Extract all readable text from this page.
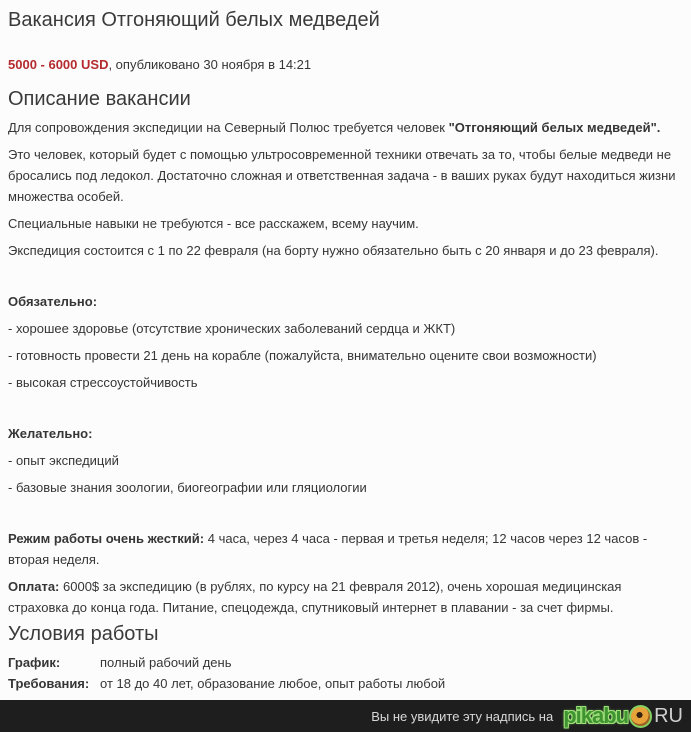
Вакансия Отгоняющий белых медведей
5000 - 6000 USD, опубликовано 30 ноября в 14:21
Описание вакансии

Для сопровождения экспедиции на Северный Полюс требуется человек "Отгоняющий белых медведей".

Это человек, который будет с помощью ультросовременной техники отвечать за то, чтобы белые медведи не бросались под ледокол. Достаточно сложная и ответственная задача - в ваших руках будут находиться жизни множества особей.

Специальные навыки не требуются - все расскажем, всему научим.

Экспедиция состоится с 1 по 22 февраля (на борту нужно обязательно быть с 20 января и до 23 февраля).

Обязательно:

- хорошее здоровье (отсутствие хронических заболеваний сердца и ЖКТ)

- готовность провести 21 день на корабле (пожалуйста, внимательно оцените свои возможности)

- высокая стрессоустойчивость

Желательно:

- опыт экспедиций

- базовые знания зоологии, биогеографии или гляциологии

Режим работы очень жесткий: 4 часа, через 4 часа - первая и третья неделя; 12 часов через 12 часов - вторая неделя.

Оплата: 6000$ за экспедицию (в рублях, по курсу на 21 февраля 2012), очень хорошая медицинская страховка до конца года. Питание, спецодежда, спутниковый интернет в плавании - за счет фирмы.

Условия работы
График:	полный рабочий день
Требования: от 18 до 40 лет, образование любое, опыт работы любой
Вы не увидите эту надпись на pikabu RU
